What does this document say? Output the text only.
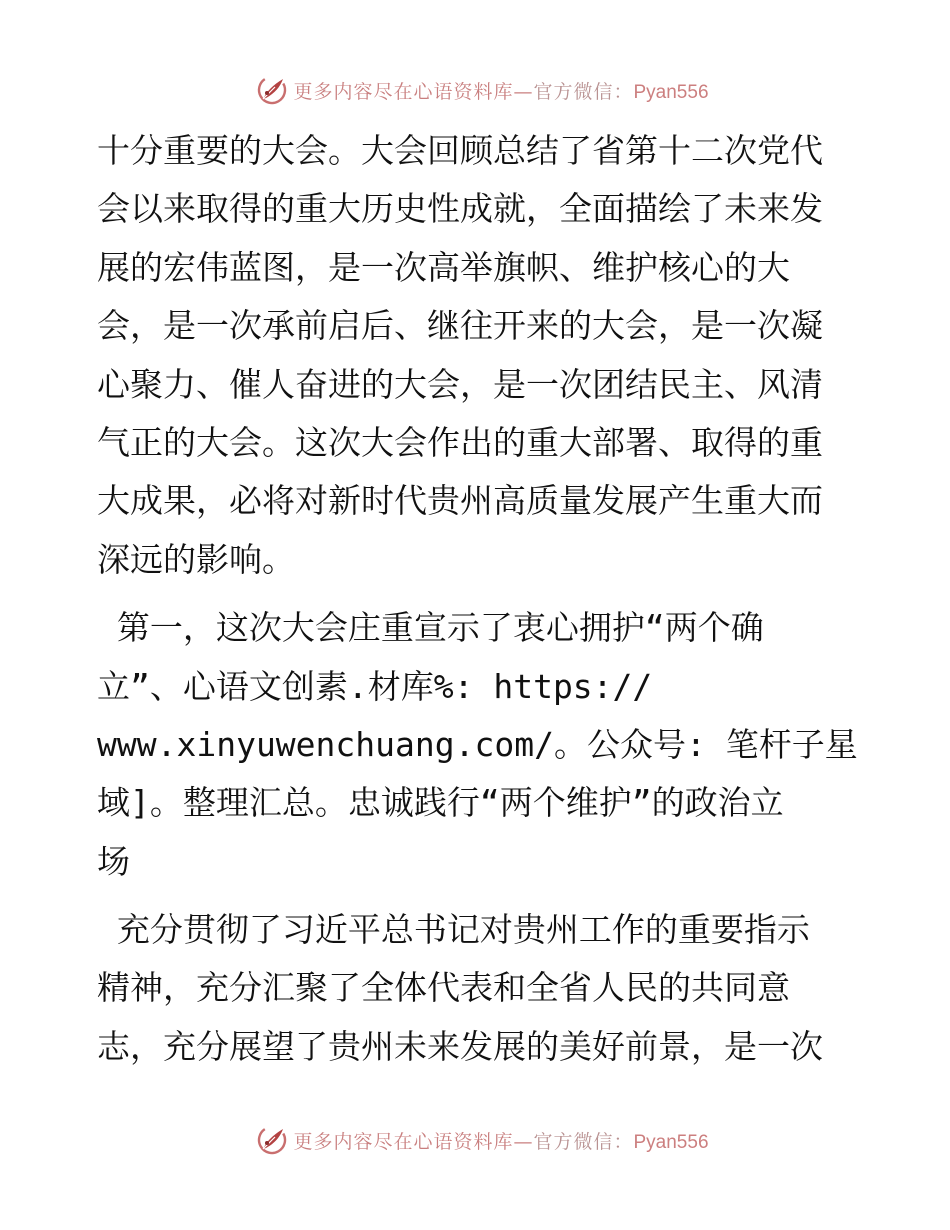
更多内容尽在心语资料库—官方微信：Pyan556
十分重要的大会。大会回顾总结了省第十二次党代
会以来取得的重大历史性成就，全面描绘了未来发
展的宏伟蓝图，是一次高举旗帜、维护核心的大
会，是一次承前启后、继往开来的大会，是一次凝
心聚力、催人奋进的大会，是一次团结民主、风清
气正的大会。这次大会作出的重大部署、取得的重
大成果，必将对新时代贵州高质量发展产生重大而
深远的影响。
第一，这次大会庄重宣示了衷心拥护“两个确
立”、心语文创素.材库%: https://
www.xinyuwenchuang.com/。公众号: 笔杆子星
域]。整理汇总。忠诚践行“两个维护”的政治立
场
充分贯彻了习近平总书记对贵州工作的重要指示
精神，充分汇聚了全体代表和全省人民的共同意
志，充分展望了贵州未来发展的美好前景，是一次
更多内容尽在心语资料库—官方微信：Pyan556
